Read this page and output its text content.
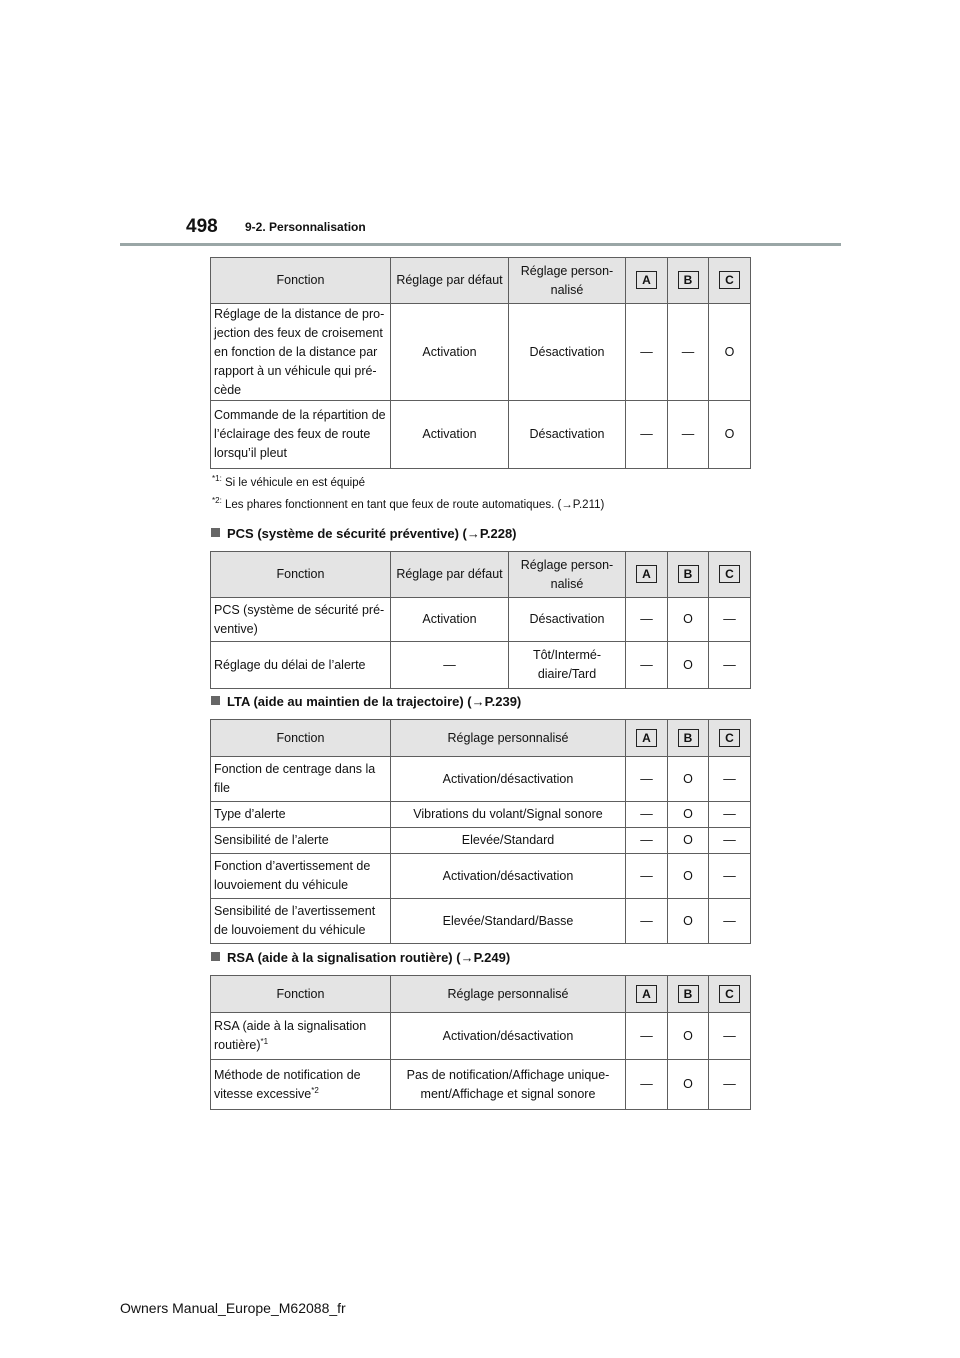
498 9-2. Personnalisation
Fonction	Réglage par défaut	Réglage person-nalisé	A	B	C
Réglage de la distance de pro-jection des feux de croisement en fonction de la distance par rapport à un véhicule qui pré-cède	Activation	Désactivation	—	—	O
Commande de la répartition de l’éclairage des feux de route lorsqu’il pleut	Activation	Désactivation	—	—	O
$^{*1:}$ Si le véhicule en est équipé
$^{*2:}$ Les phares fonctionnent en tant que feux de route automatiques. (→P.211)
PCS (système de sécurité préventive) (→P.228)
Fonction	Réglage par défaut	Réglage person-nalisé	A	B	C
PCS (système de sécurité pré-ventive)	Activation	Désactivation	—	O	—
Réglage du délai de l’alerte	—	Tôt/Intermé-diaire/Tard	—	O	—
LTA (aide au maintien de la trajectoire) (→P.239)
Fonction	Réglage personnalisé	A	B	C
Fonction de centrage dans la file	Activation/désactivation	—	O	—
Type d’alerte	Vibrations du volant/Signal sonore	—	O	—
Sensibilité de l’alerte	Elevée/Standard	—	O	—
Fonction d’avertissement de louvoiement du véhicule	Activation/désactivation	—	O	—
Sensibilité de l’avertissement de louvoiement du véhicule	Elevée/Standard/Basse	—	O	—
RSA (aide à la signalisation routière) (→P.249)
Fonction	Réglage personnalisé	A	B	C
RSA (aide à la signalisation routière)$^{*1}$	Activation/désactivation	—	O	—
Méthode de notification de vitesse excessive$^{*2}$	Pas de notification/Affichage unique-ment/Affichage et signal sonore	—	O	—
Owners Manual_Europe_M62088_fr
